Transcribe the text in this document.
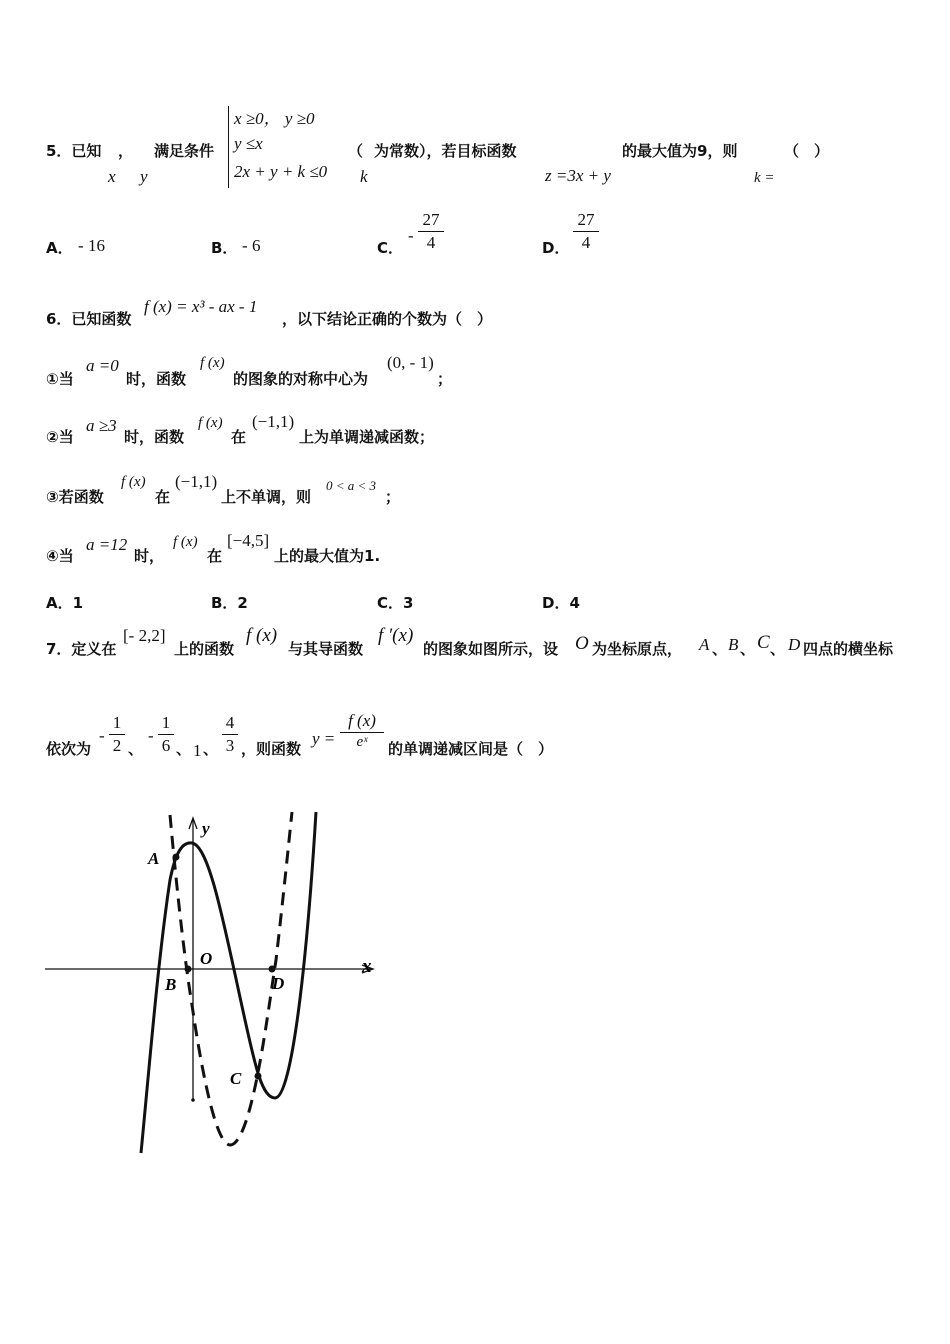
5．已知 ，
x y
满足条件
x ≥0， y ≥0
y ≤x
2x + y + k ≤0
（
k
为常数），若目标函数
z =3x + y
的最大值为9，则
k =
（　）
A． - 16	B． - 6	C．
-
27
4	D．
27
4
6．已知函数
f (x) = x³ - ax - 1
，以下结论正确的个数为（　）
①当
a =0
时，函数
f (x)
的图象的对称中心为
(0, - 1)
；
②当
a ≥3
时，函数
f (x)
在
(−1,1)
上为单调递减函数；
③若函数
f (x)
在
(−1,1)
上不单调，则
0 < a < 3
；
④当
a =12
时，
f (x)
在
[−4,5]
上的最大值为1.
A．1	B．2	C．3	D．4
7．定义在
[- 2,2]
上的函数
f (x)
与其导函数
f ′(x)
的图象如图所示，设 O 为坐标原点， A 、 B 、 C 、 D 四点的横坐标
依次为
-
1
2 、
-
1
6 、 1 、
4
3 ，则函数
y =
f (x)
eˣ	的单调递减区间是（　）
A
B
O
D
C
y
x
